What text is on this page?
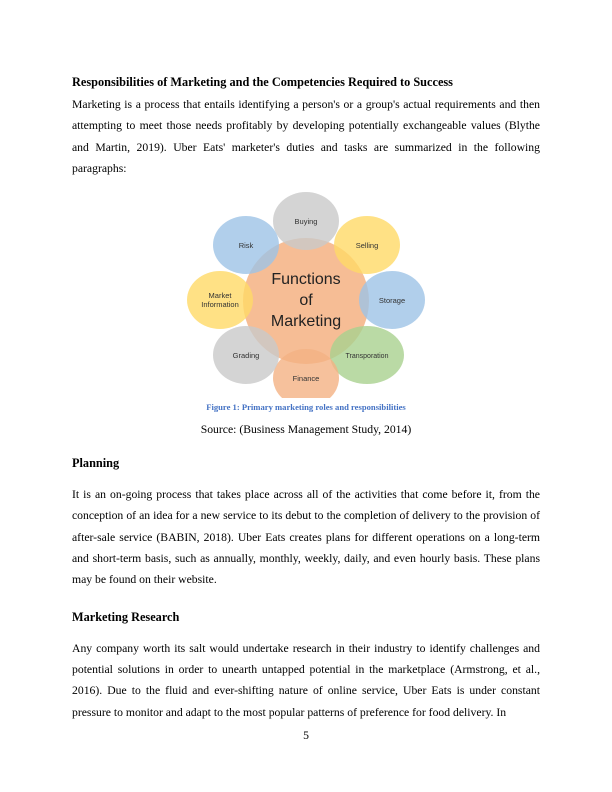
Responsibilities of Marketing and the Competencies Required to Success

Marketing is a process that entails identifying a person's or a group's actual requirements and then attempting to meet those needs profitably by developing potentially exchangeable values (Blythe and Martin, 2019). Uber Eats' marketer's duties and tasks are summarized in the following paragraphs:

Functions
of
Marketing
Buying
Selling
Storage
Transporation
Finance
Grading
Market
Information
Risk
Figure 1: Primary marketing roles and responsibilities
Source: (Business Management Study, 2014)
Planning

It is an on-going process that takes place across all of the activities that come before it, from the conception of an idea for a new service to its debut to the completion of delivery to the provision of after-sale service (BABIN, 2018). Uber Eats creates plans for different operations on a long-term and short-term basis, such as annually, monthly, weekly, daily, and even hourly basis. These plans may be found on their website.

Marketing Research

Any company worth its salt would undertake research in their industry to identify challenges and potential solutions in order to unearth untapped potential in the marketplace (Armstrong, et al., 2016). Due to the fluid and ever-shifting nature of online service, Uber Eats is under constant pressure to monitor and adapt to the most popular patterns of preference for food delivery. In

5
